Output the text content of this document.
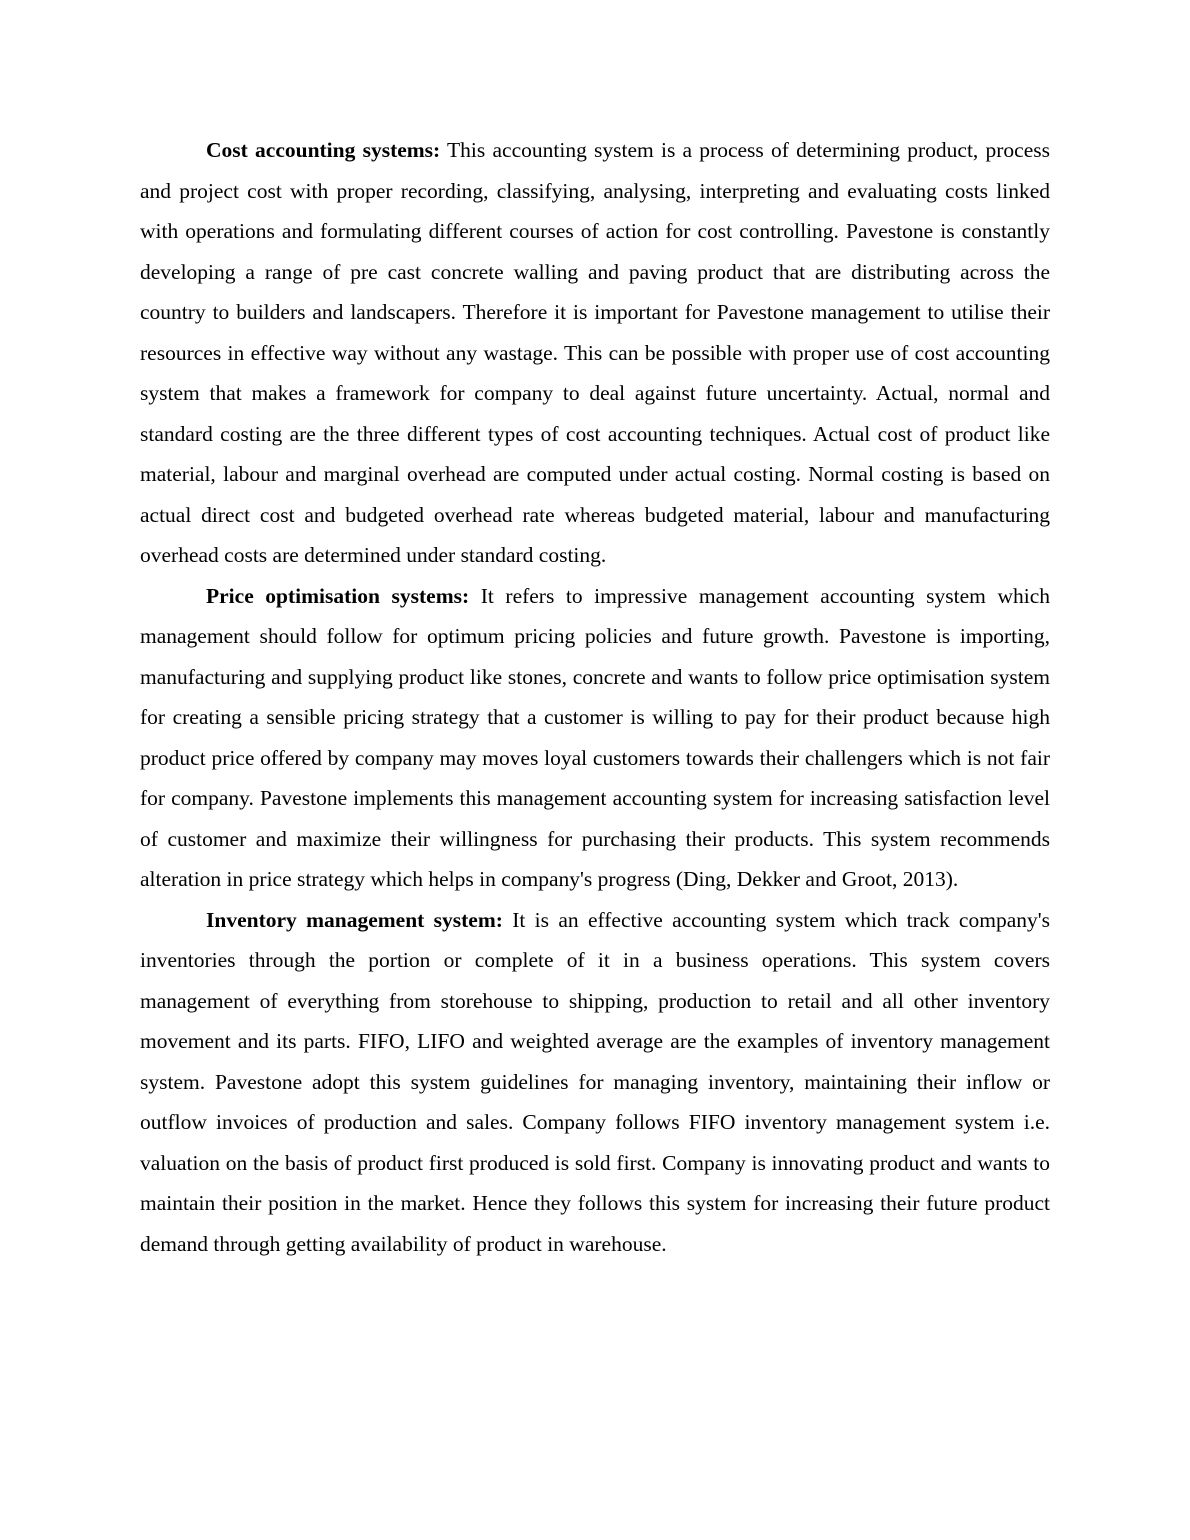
Cost accounting systems: This accounting system is a process of determining product, process and project cost with proper recording, classifying, analysing, interpreting and evaluating costs linked with operations and formulating different courses of action for cost controlling. Pavestone is constantly developing a range of pre cast concrete walling and paving product that are distributing across the country to builders and landscapers. Therefore it is important for Pavestone management to utilise their resources in effective way without any wastage. This can be possible with proper use of cost accounting system that makes a framework for company to deal against future uncertainty. Actual, normal and standard costing are the three different types of cost accounting techniques. Actual cost of product like material, labour and marginal overhead are computed under actual costing. Normal costing is based on actual direct cost and budgeted overhead rate whereas budgeted material, labour and manufacturing overhead costs are determined under standard costing.

Price optimisation systems: It refers to impressive management accounting system which management should follow for optimum pricing policies and future growth. Pavestone is importing, manufacturing and supplying product like stones, concrete and wants to follow price optimisation system for creating a sensible pricing strategy that a customer is willing to pay for their product because high product price offered by company may moves loyal customers towards their challengers which is not fair for company. Pavestone implements this management accounting system for increasing satisfaction level of customer and maximize their willingness for purchasing their products. This system recommends alteration in price strategy which helps in company's progress (Ding, Dekker and Groot, 2013).

Inventory management system: It is an effective accounting system which track company's inventories through the portion or complete of it in a business operations. This system covers management of everything from storehouse to shipping, production to retail and all other inventory movement and its parts. FIFO, LIFO and weighted average are the examples of inventory management system. Pavestone adopt this system guidelines for managing inventory, maintaining their inflow or outflow invoices of production and sales. Company follows FIFO inventory management system i.e. valuation on the basis of product first produced is sold first. Company is innovating product and wants to maintain their position in the market. Hence they follows this system for increasing their future product demand through getting availability of product in warehouse.
